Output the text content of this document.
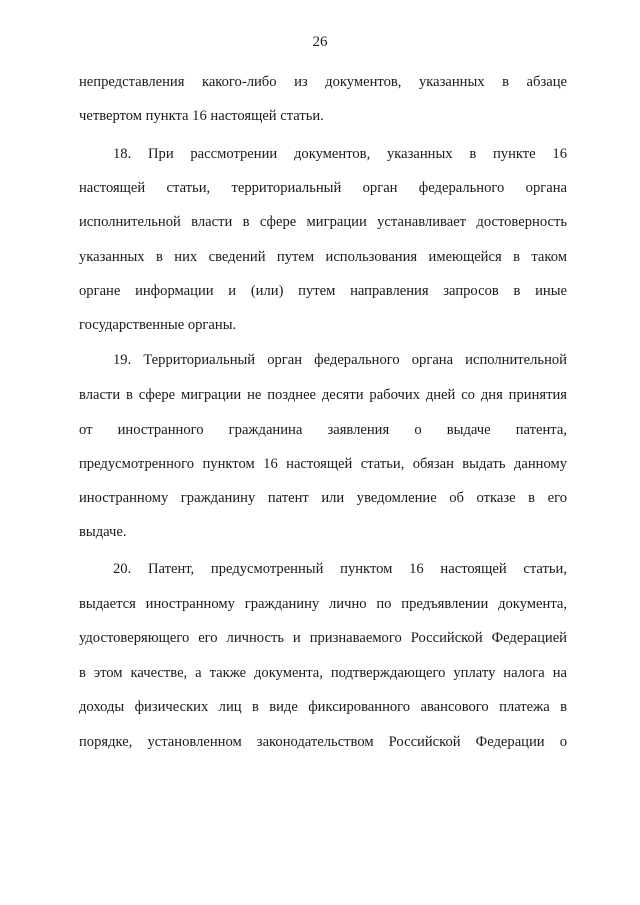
26
непредставления какого-либо из документов, указанных в абзаце
четвертом пункта 16 настоящей статьи.
18. При рассмотрении документов, указанных в пункте 16
настоящей статьи, территориальный орган федерального органа
исполнительной власти в сфере миграции устанавливает достоверность
указанных в них сведений путем использования имеющейся в таком
органе информации и (или) путем направления запросов в иные
государственные органы.
19. Территориальный орган федерального органа исполнительной
власти в сфере миграции не позднее десяти рабочих дней со дня принятия
от иностранного гражданина заявления о выдаче патента,
предусмотренного пунктом 16 настоящей статьи, обязан выдать данному
иностранному гражданину патент или уведомление об отказе в его
выдаче.
20. Патент, предусмотренный пунктом 16 настоящей статьи,
выдается иностранному гражданину лично по предъявлении документа,
удостоверяющего его личность и признаваемого Российской Федерацией
в этом качестве, а также документа, подтверждающего уплату налога на
доходы физических лиц в виде фиксированного авансового платежа в
порядке, установленном законодательством Российской Федерации о
